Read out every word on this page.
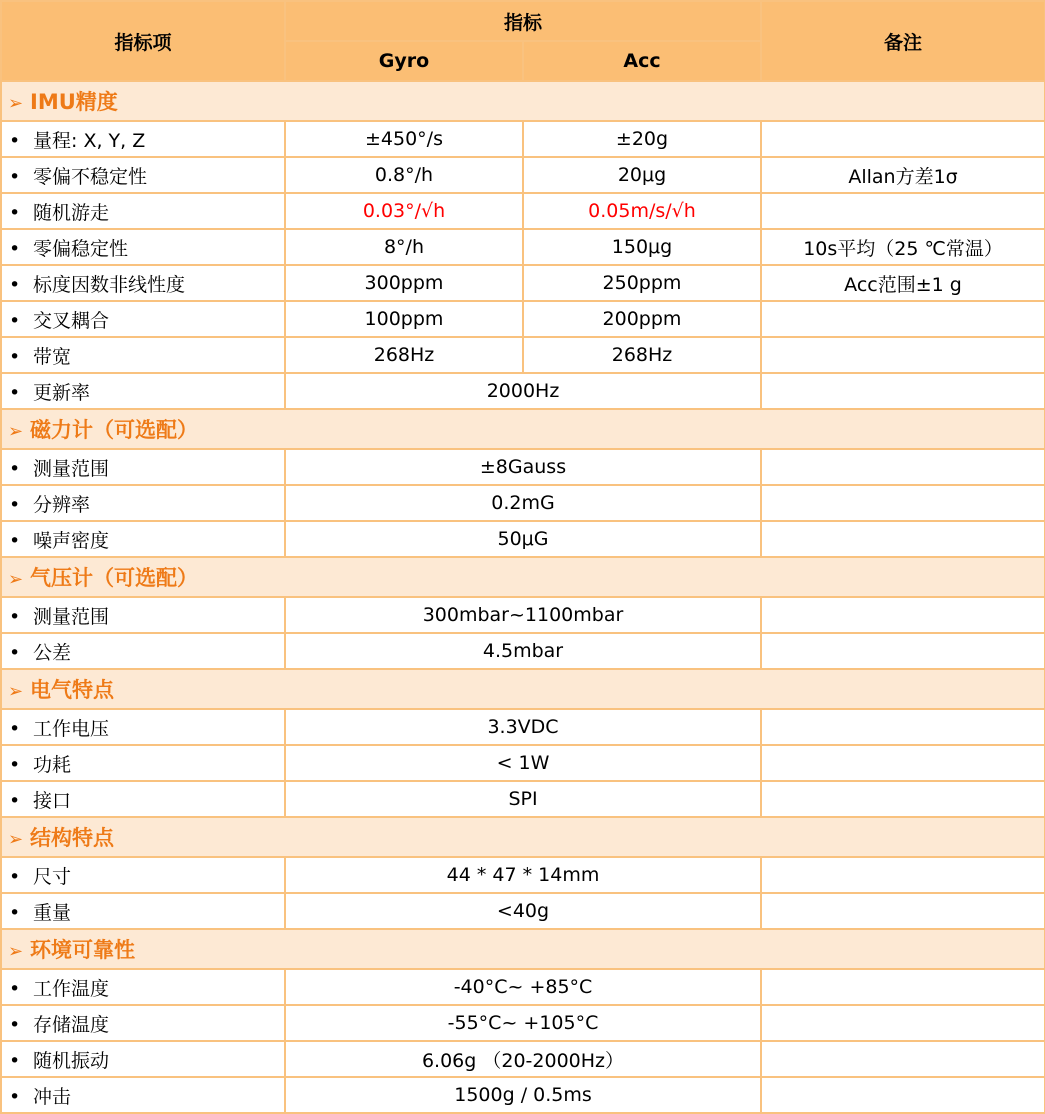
指标项	指标		备注
	Gyro	Acc	
➢ IMU精度			
• 量程: X, Y, Z	±450°/s	±20g	
• 零偏不稳定性	0.8°/h	20μg	Allan方差1σ
• 随机游走	0.03°/√h	0.05m/s/√h	
• 零偏稳定性	8°/h	150μg	10s平均（25 ℃常温）
• 标度因数非线性度	300ppm	250ppm	Acc范围±1 g
• 交叉耦合	100ppm	200ppm	
• 带宽	268Hz	268Hz	
• 更新率	2000Hz		
➢ 磁力计（可选配）			
• 测量范围	±8Gauss		
• 分辨率	0.2mG		
• 噪声密度	50μG		
➢ 气压计（可选配）			
• 测量范围	300mbar~1100mbar		
• 公差	4.5mbar		
➢ 电气特点			
• 工作电压	3.3VDC		
• 功耗	< 1W		
• 接口	SPI		
➢ 结构特点			
• 尺寸	44 * 47 * 14mm		
• 重量	<40g		
➢ 环境可靠性			
• 工作温度	-40°C~ +85°C		
• 存储温度	-55°C~ +105°C		
• 随机振动	6.06g （20-2000Hz）		
• 冲击	1500g / 0.5ms		
